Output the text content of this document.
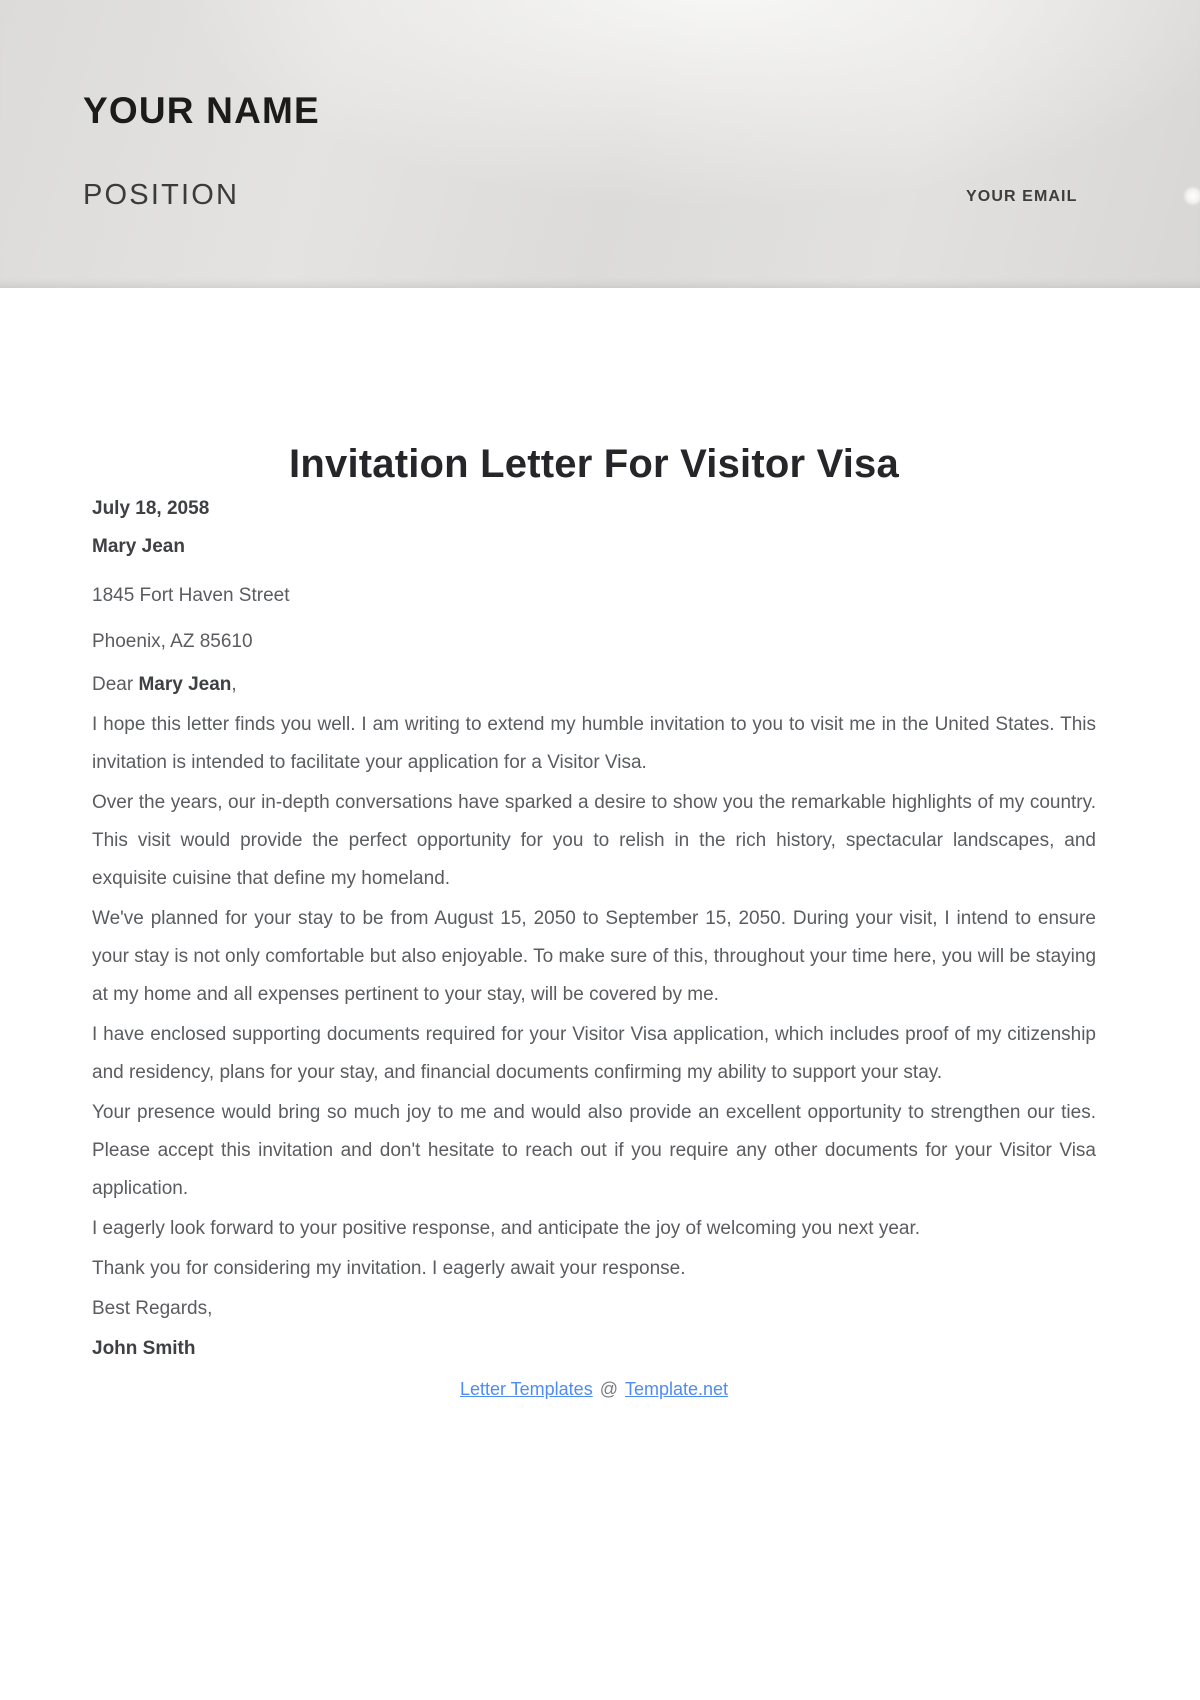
YOUR NAME
POSITION	YOUR EMAIL
Invitation Letter For Visitor Visa

July 18, 2058

Mary Jean

1845 Fort Haven Street

Phoenix, AZ 85610

Dear Mary Jean,

I hope this letter finds you well. I am writing to extend my humble invitation to you to visit me in the United States. This invitation is intended to facilitate your application for a Visitor Visa.

Over the years, our in-depth conversations have sparked a desire to show you the remarkable highlights of my country. This visit would provide the perfect opportunity for you to relish in the rich history, spectacular landscapes, and exquisite cuisine that define my homeland.

We've planned for your stay to be from August 15, 2050 to September 15, 2050. During your visit, I intend to ensure your stay is not only comfortable but also enjoyable. To make sure of this, throughout your time here, you will be staying at my home and all expenses pertinent to your stay, will be covered by me.

I have enclosed supporting documents required for your Visitor Visa application, which includes proof of my citizenship and residency, plans for your stay, and financial documents confirming my ability to support your stay.

Your presence would bring so much joy to me and would also provide an excellent opportunity to strengthen our ties. Please accept this invitation and don't hesitate to reach out if you require any other documents for your Visitor Visa application.

I eagerly look forward to your positive response, and anticipate the joy of welcoming you next year.

Thank you for considering my invitation. I eagerly await your response.

Best Regards,

John Smith

Letter Templates @ Template.net
